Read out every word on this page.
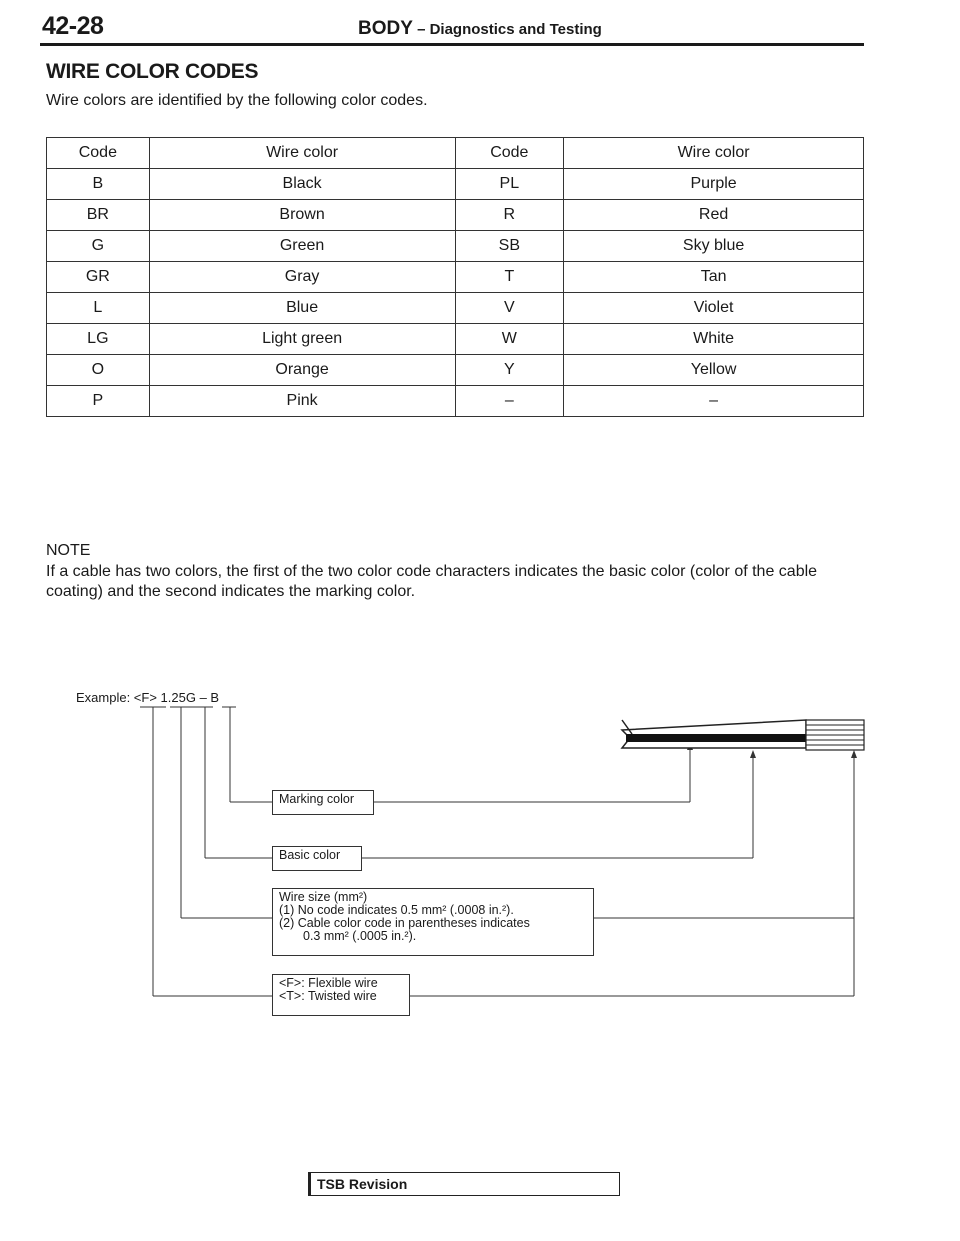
42-28	BODY – Diagnostics and Testing
WIRE COLOR CODES
Wire colors are identified by the following color codes.
Code	Wire color	Code	Wire color
B	Black	PL	Purple
BR	Brown	R	Red
G	Green	SB	Sky blue
GR	Gray	T	Tan
L	Blue	V	Violet
LG	Light green	W	White
O	Orange	Y	Yellow
P	Pink	–	–
NOTE
If a cable has two colors, the first of the two color code characters indicates the basic color (color of the cable coating) and the second indicates the marking color.
Example: <F> 1.25G – B
Marking color
Basic color
Wire size (mm²)
(1) No code indicates 0.5 mm² (.0008 in.²).
(2) Cable color code in parentheses indicates
0.3 mm² (.0005 in.²).
<F>: Flexible wire
<T>: Twisted wire
TSB Revision
